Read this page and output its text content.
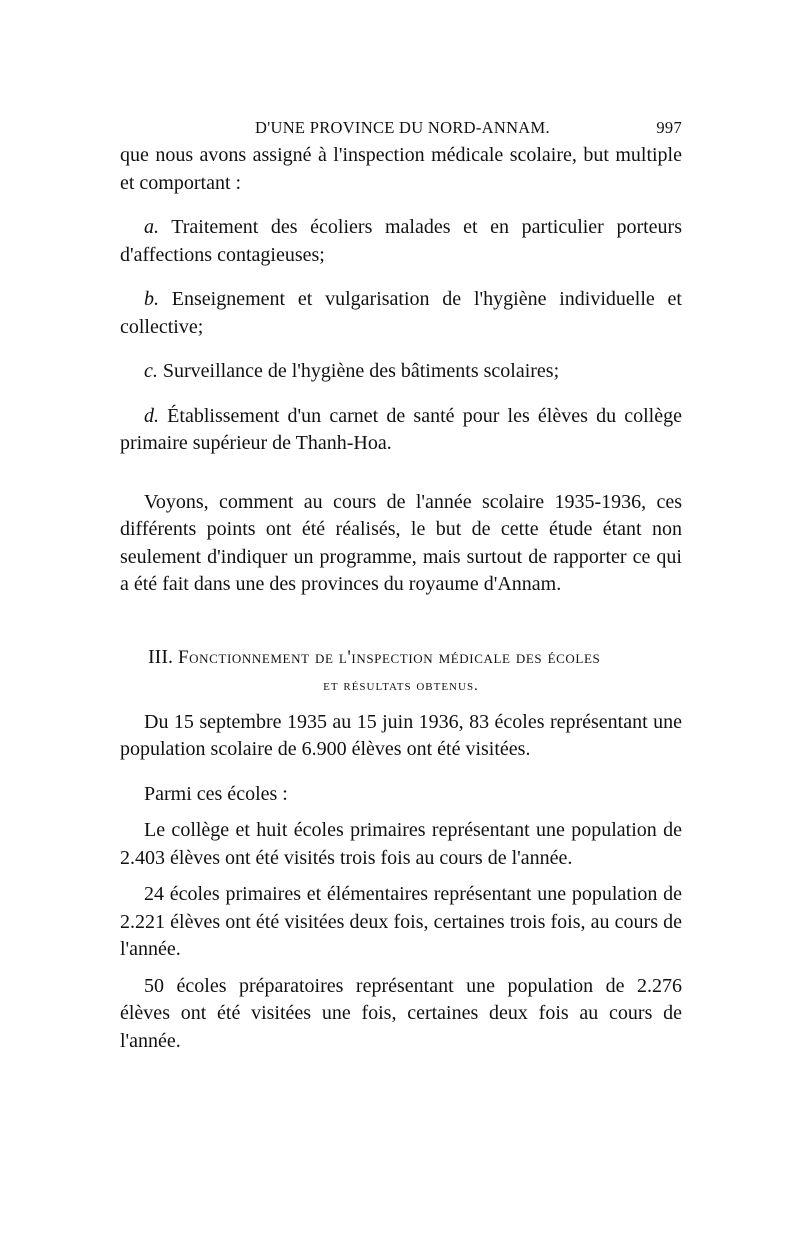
D'UNE PROVINCE DU NORD-ANNAM.	997

que nous avons assigné à l'inspection médicale scolaire, but multiple et comportant :

a. Traitement des écoliers malades et en particulier porteurs d'affections contagieuses;

b. Enseignement et vulgarisation de l'hygiène individuelle et collective;

c. Surveillance de l'hygiène des bâtiments scolaires;

d. Établissement d'un carnet de santé pour les élèves du collège primaire supérieur de Thanh-Hoa.

Voyons, comment au cours de l'année scolaire 1935-1936, ces différents points ont été réalisés, le but de cette étude étant non seulement d'indiquer un programme, mais surtout de rapporter ce qui a été fait dans une des provinces du royaume d'Annam.

III. Fonctionnement de l'inspection médicale des écoles
et résultats obtenus.

Du 15 septembre 1935 au 15 juin 1936, 83 écoles représentant une population scolaire de 6.900 élèves ont été visitées.

Parmi ces écoles :

Le collège et huit écoles primaires représentant une population de 2.403 élèves ont été visités trois fois au cours de l'année.

24 écoles primaires et élémentaires représentant une population de 2.221 élèves ont été visitées deux fois, certaines trois fois, au cours de l'année.

50 écoles préparatoires représentant une population de 2.276 élèves ont été visitées une fois, certaines deux fois au cours de l'année.
